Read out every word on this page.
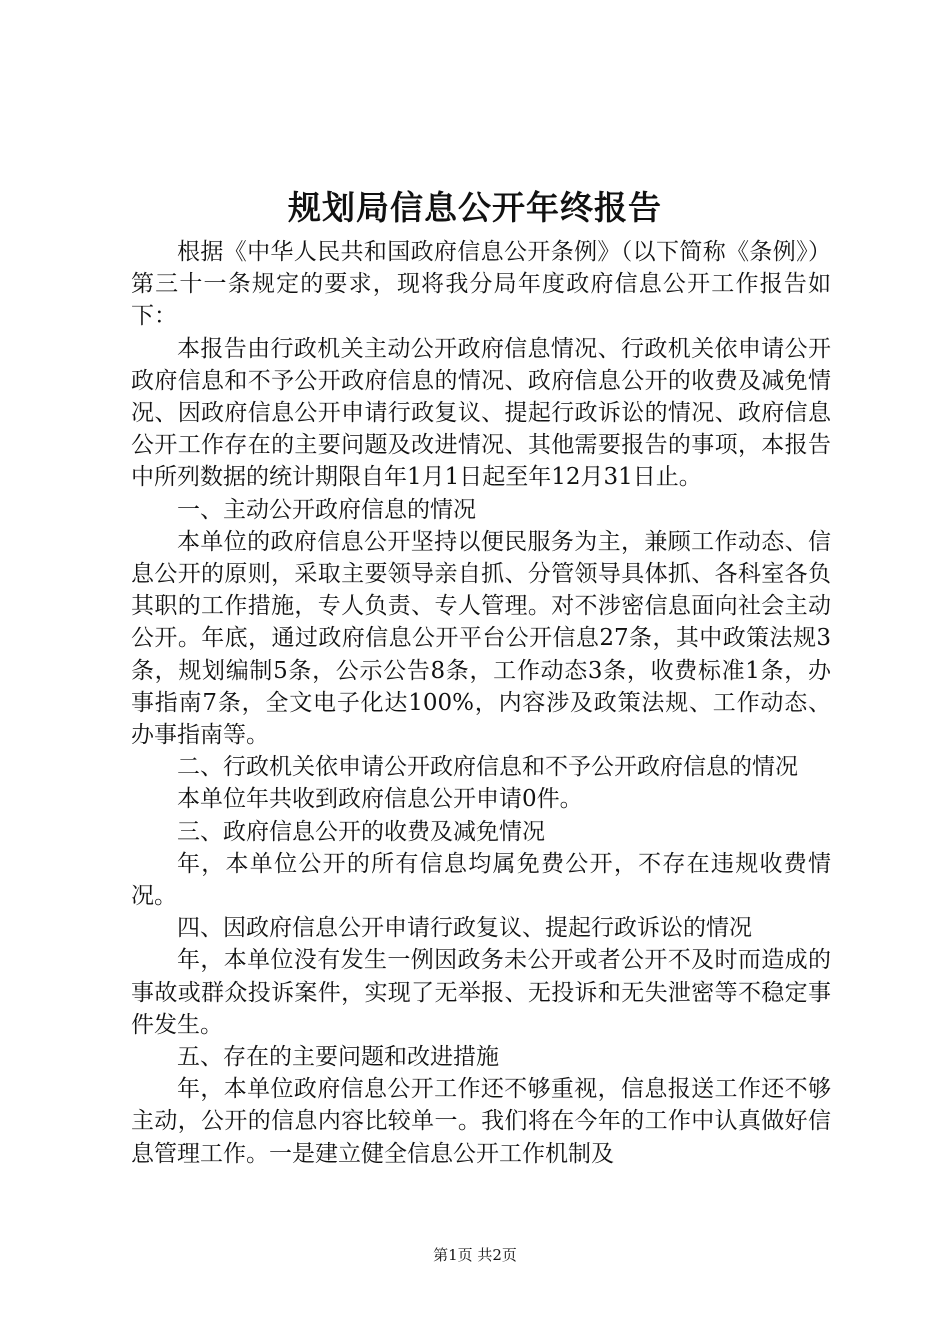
规划局信息公开年终报告

根据《中华人民共和国政府信息公开条例》（以下简称《条例》）第三十一条规定的要求，现将我分局年度政府信息公开工作报告如下：

本报告由行政机关主动公开政府信息情况、行政机关依申请公开政府信息和不予公开政府信息的情况、政府信息公开的收费及减免情况、因政府信息公开申请行政复议、提起行政诉讼的情况、政府信息公开工作存在的主要问题及改进情况、其他需要报告的事项，本报告中所列数据的统计期限自年1月1日起至年12月31日止。

一、主动公开政府信息的情况

本单位的政府信息公开坚持以便民服务为主，兼顾工作动态、信息公开的原则，采取主要领导亲自抓、分管领导具体抓、各科室各负其职的工作措施，专人负责、专人管理。对不涉密信息面向社会主动公开。年底，通过政府信息公开平台公开信息27条，其中政策法规3条，规划编制5条，公示公告8条，工作动态3条，收费标准1条，办事指南7条，全文电子化达100%，内容涉及政策法规、工作动态、办事指南等。

二、行政机关依申请公开政府信息和不予公开政府信息的情况

本单位年共收到政府信息公开申请0件。

三、政府信息公开的收费及减免情况

年，本单位公开的所有信息均属免费公开，不存在违规收费情况。

四、因政府信息公开申请行政复议、提起行政诉讼的情况

年，本单位没有发生一例因政务未公开或者公开不及时而造成的事故或群众投诉案件，实现了无举报、无投诉和无失泄密等不稳定事件发生。

五、存在的主要问题和改进措施

年，本单位政府信息公开工作还不够重视，信息报送工作还不够主动，公开的信息内容比较单一。我们将在今年的工作中认真做好信息管理工作。一是建立健全信息公开工作机制及

第1页 共2页
